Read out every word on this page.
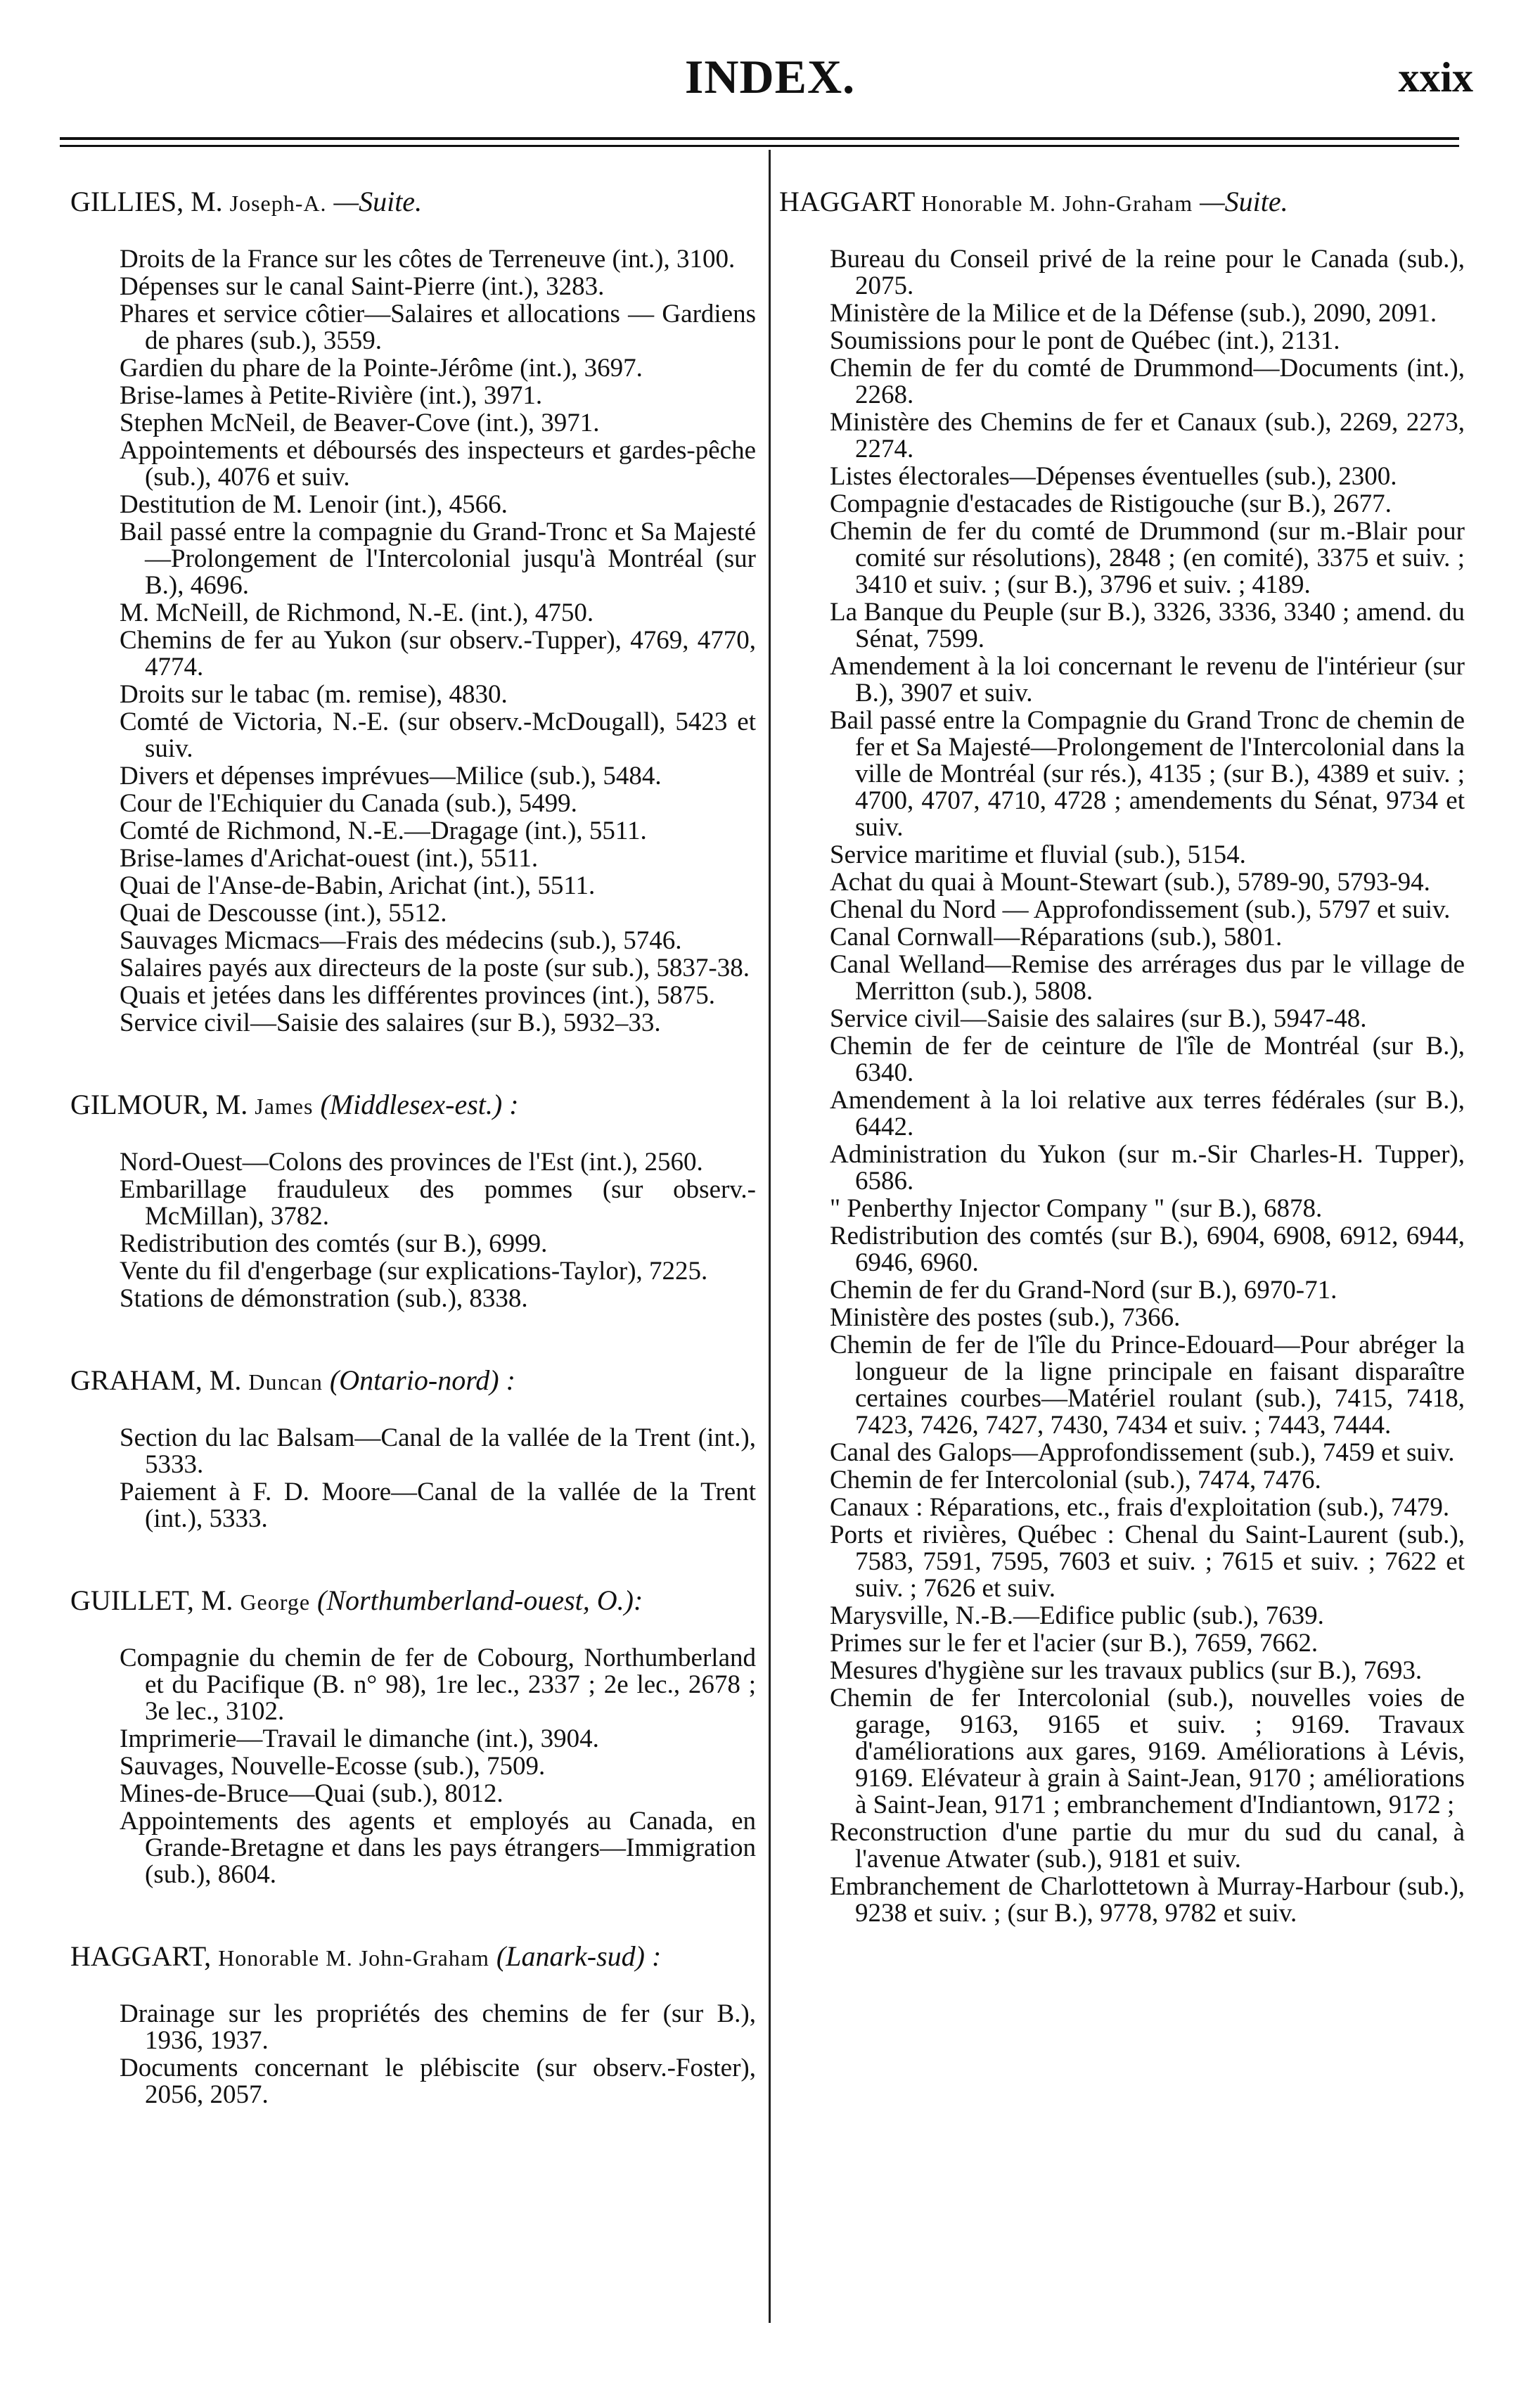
INDEX.	xxix
GILLIES, M. Joseph-A. —Suite.
Droits de la France sur les côtes de Terreneuve (int.), 3100.
Dépenses sur le canal Saint-Pierre (int.), 3283.
Phares et service côtier—Salaires et allocations — Gardiens de phares (sub.), 3559.
Gardien du phare de la Pointe-Jérôme (int.), 3697.
Brise-lames à Petite-Rivière (int.), 3971.
Stephen McNeil, de Beaver-Cove (int.), 3971.
Appointements et déboursés des inspecteurs et gardes-pêche (sub.), 4076 et suiv.
Destitution de M. Lenoir (int.), 4566.
Bail passé entre la compagnie du Grand-Tronc et Sa Majesté—Prolongement de l'Intercolonial jusqu'à Montréal (sur B.), 4696.
M. McNeill, de Richmond, N.-E. (int.), 4750.
Chemins de fer au Yukon (sur observ.-Tupper), 4769, 4770, 4774.
Droits sur le tabac (m. remise), 4830.
Comté de Victoria, N.-E. (sur observ.-McDougall), 5423 et suiv.
Divers et dépenses imprévues—Milice (sub.), 5484.
Cour de l'Echiquier du Canada (sub.), 5499.
Comté de Richmond, N.-E.—Dragage (int.), 5511.
Brise-lames d'Arichat-ouest (int.), 5511.
Quai de l'Anse-de-Babin, Arichat (int.), 5511.
Quai de Descousse (int.), 5512.
Sauvages Micmacs—Frais des médecins (sub.), 5746.
Salaires payés aux directeurs de la poste (sur sub.), 5837-38.
Quais et jetées dans les différentes provinces (int.), 5875.
Service civil—Saisie des salaires (sur B.), 5932–33.
GILMOUR, M. James (Middlesex-est.) :
Nord-Ouest—Colons des provinces de l'Est (int.), 2560.
Embarillage frauduleux des pommes (sur observ.-McMillan), 3782.
Redistribution des comtés (sur B.), 6999.
Vente du fil d'engerbage (sur explications-Taylor), 7225.
Stations de démonstration (sub.), 8338.
GRAHAM, M. Duncan (Ontario-nord) :
Section du lac Balsam—Canal de la vallée de la Trent (int.), 5333.
Paiement à F. D. Moore—Canal de la vallée de la Trent (int.), 5333.
GUILLET, M. George (Northumberland-ouest, O.):
Compagnie du chemin de fer de Cobourg, Northumberland et du Pacifique (B. n° 98), 1re lec., 2337 ; 2e lec., 2678 ; 3e lec., 3102.
Imprimerie—Travail le dimanche (int.), 3904.
Sauvages, Nouvelle-Ecosse (sub.), 7509.
Mines-de-Bruce—Quai (sub.), 8012.
Appointements des agents et employés au Canada, en Grande-Bretagne et dans les pays étrangers—Immigration (sub.), 8604.
HAGGART, Honorable M. John-Graham (Lanark-sud) :
Drainage sur les propriétés des chemins de fer (sur B.), 1936, 1937.
Documents concernant le plébiscite (sur observ.-Foster), 2056, 2057.
HAGGART Honorable M. John-Graham —Suite.
Bureau du Conseil privé de la reine pour le Canada (sub.), 2075.
Ministère de la Milice et de la Défense (sub.), 2090, 2091.
Soumissions pour le pont de Québec (int.), 2131.
Chemin de fer du comté de Drummond—Documents (int.), 2268.
Ministère des Chemins de fer et Canaux (sub.), 2269, 2273, 2274.
Listes électorales—Dépenses éventuelles (sub.), 2300.
Compagnie d'estacades de Ristigouche (sur B.), 2677.
Chemin de fer du comté de Drummond (sur m.-Blair pour comité sur résolutions), 2848 ; (en comité), 3375 et suiv. ; 3410 et suiv. ; (sur B.), 3796 et suiv. ; 4189.
La Banque du Peuple (sur B.), 3326, 3336, 3340 ; amend. du Sénat, 7599.
Amendement à la loi concernant le revenu de l'intérieur (sur B.), 3907 et suiv.
Bail passé entre la Compagnie du Grand Tronc de chemin de fer et Sa Majesté—Prolongement de l'Intercolonial dans la ville de Montréal (sur rés.), 4135 ; (sur B.), 4389 et suiv. ; 4700, 4707, 4710, 4728 ; amendements du Sénat, 9734 et suiv.
Service maritime et fluvial (sub.), 5154.
Achat du quai à Mount-Stewart (sub.), 5789-90, 5793-94.
Chenal du Nord — Approfondissement (sub.), 5797 et suiv.
Canal Cornwall—Réparations (sub.), 5801.
Canal Welland—Remise des arrérages dus par le village de Merritton (sub.), 5808.
Service civil—Saisie des salaires (sur B.), 5947-48.
Chemin de fer de ceinture de l'île de Montréal (sur B.), 6340.
Amendement à la loi relative aux terres fédérales (sur B.), 6442.
Administration du Yukon (sur m.-Sir Charles-H. Tupper), 6586.
" Penberthy Injector Company " (sur B.), 6878.
Redistribution des comtés (sur B.), 6904, 6908, 6912, 6944, 6946, 6960.
Chemin de fer du Grand-Nord (sur B.), 6970-71.
Ministère des postes (sub.), 7366.
Chemin de fer de l'île du Prince-Edouard—Pour abréger la longueur de la ligne principale en faisant disparaître certaines courbes—Matériel roulant (sub.), 7415, 7418, 7423, 7426, 7427, 7430, 7434 et suiv. ; 7443, 7444.
Canal des Galops—Approfondissement (sub.), 7459 et suiv.
Chemin de fer Intercolonial (sub.), 7474, 7476.
Canaux : Réparations, etc., frais d'exploitation (sub.), 7479.
Ports et rivières, Québec : Chenal du Saint-Laurent (sub.), 7583, 7591, 7595, 7603 et suiv. ; 7615 et suiv. ; 7622 et suiv. ; 7626 et suiv.
Marysville, N.-B.—Edifice public (sub.), 7639.
Primes sur le fer et l'acier (sur B.), 7659, 7662.
Mesures d'hygiène sur les travaux publics (sur B.), 7693.
Chemin de fer Intercolonial (sub.), nouvelles voies de garage, 9163, 9165 et suiv. ; 9169. Travaux d'améliorations aux gares, 9169. Améliorations à Lévis, 9169. Elévateur à grain à Saint-Jean, 9170 ; améliorations à Saint-Jean, 9171 ; embranchement d'Indiantown, 9172 ;
Reconstruction d'une partie du mur du sud du canal, à l'avenue Atwater (sub.), 9181 et suiv.
Embranchement de Charlottetown à Murray-Harbour (sub.), 9238 et suiv. ; (sur B.), 9778, 9782 et suiv.
